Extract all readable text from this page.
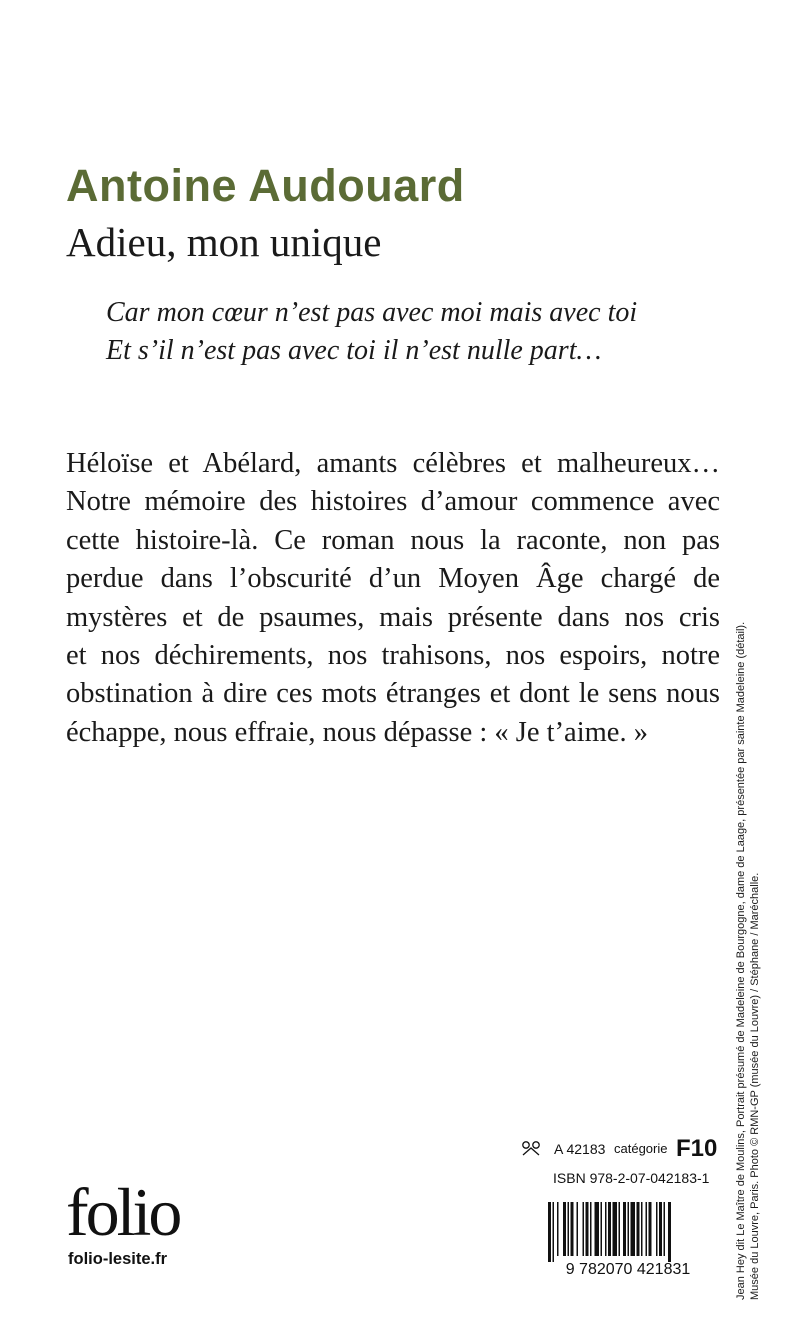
Antoine Audouard
Adieu, mon unique
Car mon cœur n’est pas avec moi mais avec toi
Et s’il n’est pas avec toi il n’est nulle part…
Héloïse et Abélard, amants célèbres et malheureux…
Notre mémoire des histoires d’amour commence avec
cette histoire-là. Ce roman nous la raconte, non pas
perdue dans l’obscurité d’un Moyen Âge chargé de
mystères et de psaumes, mais présente dans nos cris
et nos déchirements, nos trahisons, nos espoirs, notre
obstination à dire ces mots étranges et dont le sens nous
échappe, nous effraie, nous dépasse : « Je t’aime. »	Jean Hey dit Le Maître de Moulins, Portrait présumé de Madeleine de Bourgogne, dame de Laage, présentée par sainte Madeleine (détail). Musée du Louvre, Paris. Photo © RMN-GP (musée du Louvre) / Stéphane / Maréchalle.
A 42183 catégorie F10
ISBN 978-2-07-042183-1
9 782070 421831
folio
folio-lesite.fr
